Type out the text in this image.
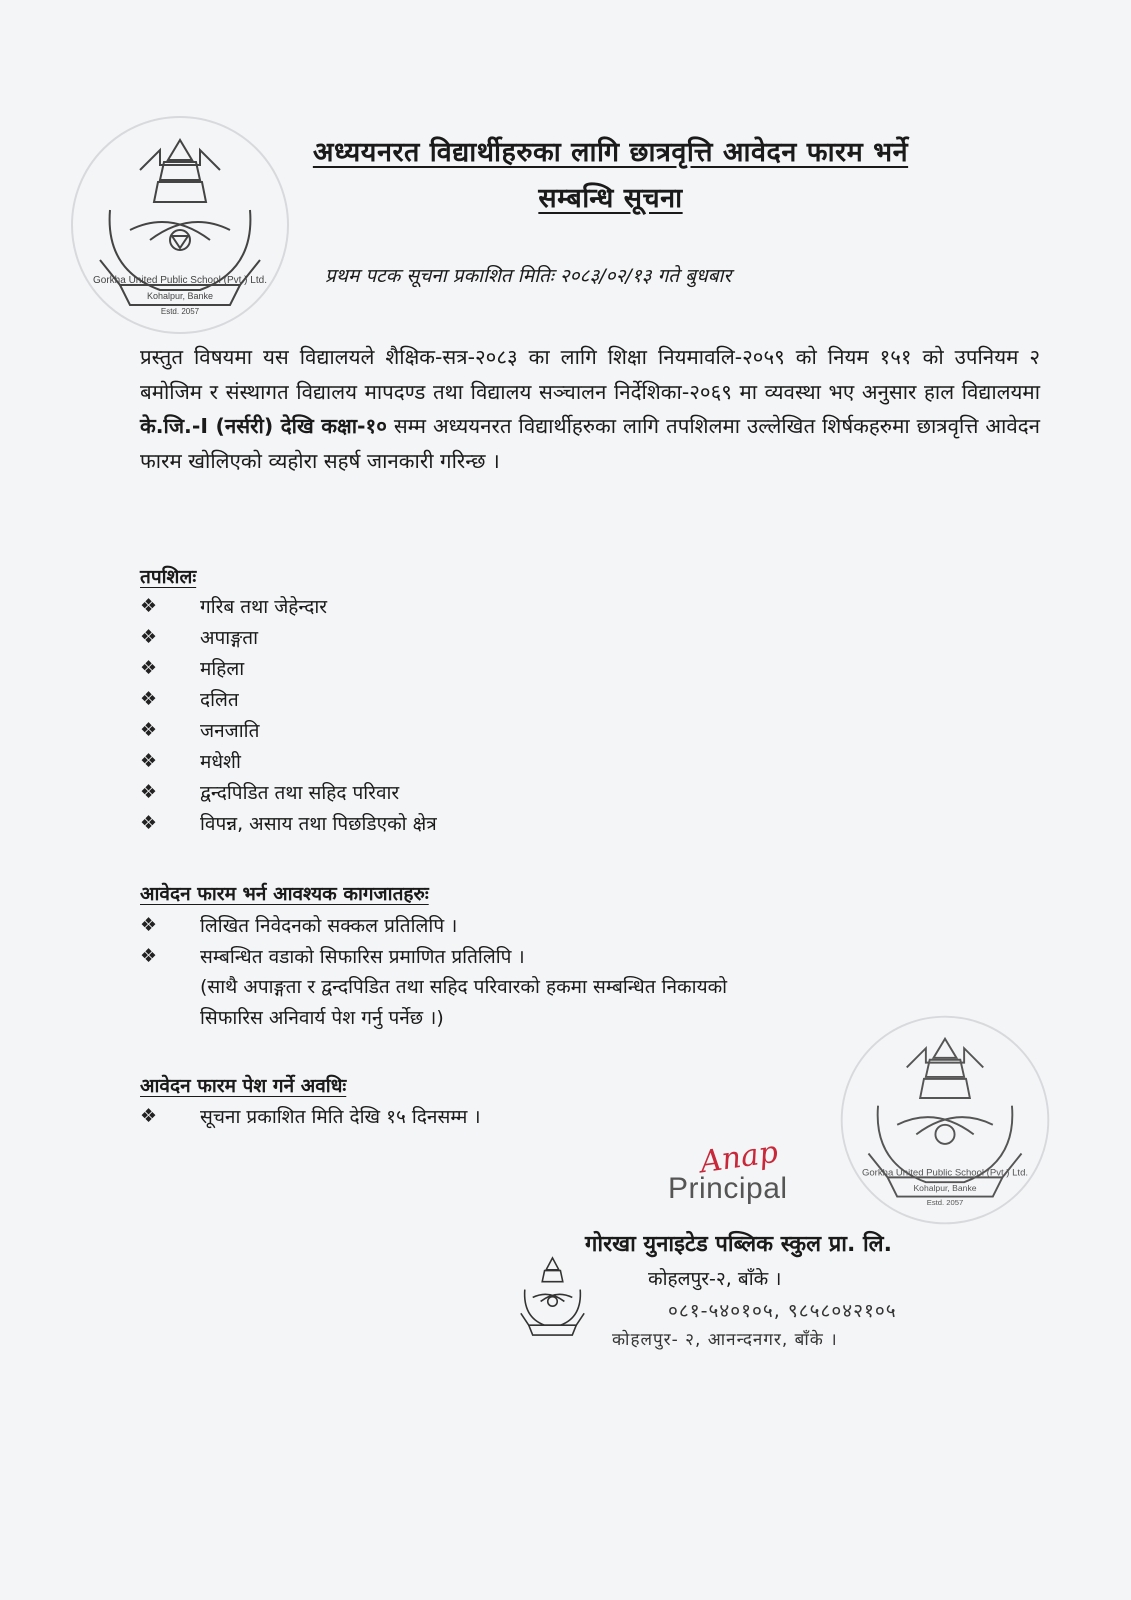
Gorkha United Public School (Pvt.) Ltd.
Kohalpur, Banke
Estd. 2057
अध्ययनरत विद्यार्थीहरुका लागि छात्रवृत्ति आवेदन फारम भर्ने
सम्बन्धि सूचना
प्रथम पटक सूचना प्रकाशित मितिः २०८३/०२/१३ गते बुधबार
प्रस्तुत विषयमा यस विद्यालयले शैक्षिक-सत्र-२०८३ का लागि शिक्षा नियमावलि-२०५९ को नियम १५१ को उपनियम २ बमोजिम र संस्थागत विद्यालय मापदण्ड तथा विद्यालय सञ्चालन निर्देशिका-२०६९ मा व्यवस्था भए अनुसार हाल विद्यालयमा के.जि.-I (नर्सरी) देखि कक्षा-१० सम्म अध्ययनरत विद्यार्थीहरुका लागि तपशिलमा उल्लेखित शिर्षकहरुमा छात्रवृत्ति आवेदन फारम खोलिएको व्यहोरा सहर्ष जानकारी गरिन्छ ।
तपशिलः
❖	गरिब तथा जेहेन्दार
❖	अपाङ्गता
❖	महिला
❖	दलित
❖	जनजाति
❖	मधेशी
❖	द्वन्दपिडित तथा सहिद परिवार
❖	विपन्न, असाय तथा पिछडिएको क्षेत्र
आवेदन फारम भर्न आवश्यक कागजातहरुः
❖	लिखित निवेदनको सक्कल प्रतिलिपि ।
❖	सम्बन्धित वडाको सिफारिस प्रमाणित प्रतिलिपि ।
(साथै अपाङ्गता र द्वन्दपिडित तथा सहिद परिवारको हकमा सम्बन्धित निकायको
सिफारिस अनिवार्य पेश गर्नु पर्नेछ ।)
आवेदन फारम पेश गर्ने अवधिः
❖	सूचना प्रकाशित मिति देखि १५ दिनसम्म ।
Gorkha United Public School (Pvt.) Ltd.
Kohalpur, Banke
Estd. 2057
Anap
Principal
गोरखा युनाइटेड पब्लिक स्कुल प्रा. लि.
कोहलपुर-२, बाँके ।
०८१-५४०१०५, ९८५८०४२१०५
कोहलपुर- २, आनन्दनगर, बाँके ।
